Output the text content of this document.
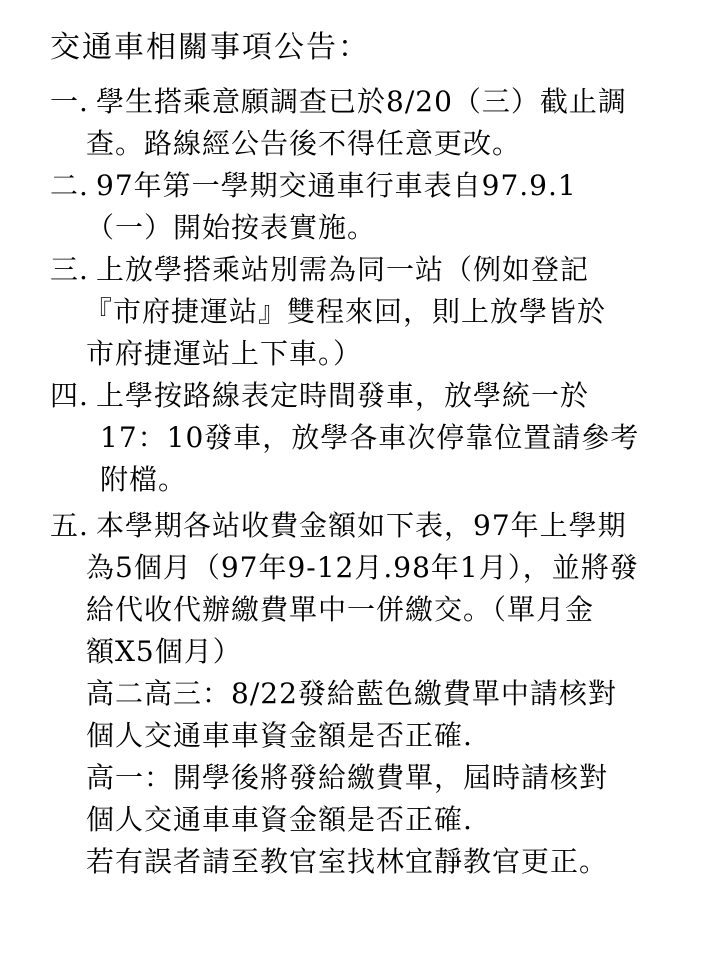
交通車相關事項公告：
一. 學生搭乘意願調查已於8/20（三）截止調
查。路線經公告後不得任意更改。
二. 97年第一學期交通車行車表自97.9.1
（一）開始按表實施。
三. 上放學搭乘站別需為同一站（例如登記
『市府捷運站』雙程來回，則上放學皆於
市府捷運站上下車。）
四. 上學按路線表定時間發車，放學統一於
17：10發車，放學各車次停靠位置請參考
附檔。
五. 本學期各站收費金額如下表，97年上學期
為5個月（97年9-12月.98年1月），並將發
給代收代辦繳費單中一併繳交。（單月金
額X5個月）
高二高三：8/22發給藍色繳費單中請核對
個人交通車車資金額是否正確.
高一：開學後將發給繳費單，屆時請核對
個人交通車車資金額是否正確.
若有誤者請至教官室找林宜靜教官更正。
